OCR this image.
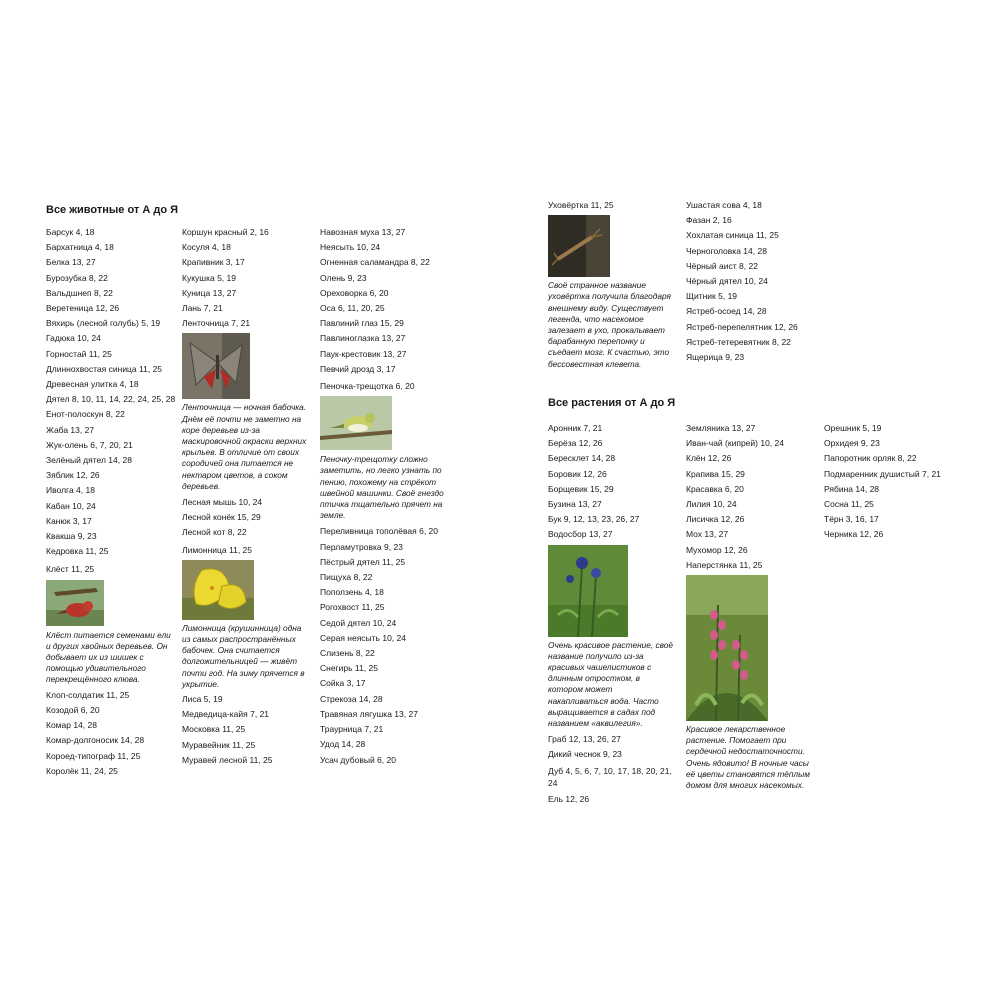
Все животные от А до Я
Барсук 4, 18
Бархатница 4, 18
Белка 13, 27
Бурозубка 8, 22
Вальдшнеп 8, 22
Веретеница 12, 26
Вяхирь (лесной голубь) 5, 19
Гадюка 10, 24
Горностай 11, 25
Длиннохвостая синица 11, 25
Древесная улитка 4, 18
Дятел 8, 10, 11, 14, 22, 24, 25, 28
Енот-полоскун 8, 22
Жаба 13, 27
Жук-олень 6, 7, 20, 21
Зелёный дятел 14, 28
Зяблик 12, 26
Иволга 4, 18
Кабан 10, 24
Канюк 3, 17
Квакша 9, 23
Кедровка 11, 25
Клёст 11, 25
Клёст питается семенами ели и других хвойных деревьев. Он добывает их из шишек с помощью удивительного перекрещённого клюва.
Клоп-солдатик 11, 25
Козодой 6, 20
Комар 14, 28
Комар-долгоносик 14, 28
Короед-типограф 11, 25
Королёк 11, 24, 25
Коршун красный 2, 16
Косуля 4, 18
Крапивник 3, 17
Кукушка 5, 19
Куница 13, 27
Лань 7, 21
Ленточница 7, 21
Ленточница — ночная бабочка. Днём её почти не заметно на коре деревьев из-за маскировочной окраски верхних крыльев. В отличие от своих сородичей она питается не нектаром цветов, а соком деревьев.
Лесная мышь 10, 24
Лесной конёк 15, 29
Лесной кот 8, 22
Лимонница 11, 25
Лимонница (крушинница) одна из самых распространённых бабочек. Она считается долгожительницей — живёт почти год. На зиму прячется в укрытие.
Лиса 5, 19
Медведица-кайя 7, 21
Московка 11, 25
Муравейник 11, 25
Муравей лесной 11, 25
Навозная муха 13, 27
Неясыть 10, 24
Огненная саламандра 8, 22
Олень 9, 23
Ореховорка 6, 20
Оса 6, 11, 20, 25
Павлиний глаз 15, 29
Павлиноглазка 13, 27
Паук-крестовик 13, 27
Певчий дрозд 3, 17
Пеночка-трещотка 6, 20
Пеночку-трещотку сложно заметить, но легко узнать по пению, похожему на стрёкот швейной машинки. Своё гнездо птичка тщательно прячет на земле.
Переливница тополёвая 6, 20
Перламутровка 9, 23
Пёстрый дятел 11, 25
Пищуха 8, 22
Поползень 4, 18
Рогохвост 11, 25
Седой дятел 10, 24
Серая неясыть 10, 24
Слизень 8, 22
Снегирь 11, 25
Сойка 3, 17
Стрекоза 14, 28
Травяная лягушка 13, 27
Траурница 7, 21
Удод 14, 28
Усач дубовый 6, 20
Уховёртка 11, 25
Своё странное название уховёртка получила благодаря внешнему виду. Существует легенда, что насекомое залезает в ухо, прокалывает барабанную перепонку и съедает мозг. К счастью, это бессовестная клевета.
Ушастая сова 4, 18
Фазан 2, 16
Хохлатая синица 11, 25
Черноголовка 14, 28
Чёрный аист 8, 22
Чёрный дятел 10, 24
Щитник 5, 19
Ястреб-осоед 14, 28
Ястреб-перепелятник 12, 26
Ястреб-тетеревятник 8, 22
Ящерица 9, 23
Все растения от А до Я
Аронник 7, 21
Берёза 12, 26
Бересклет 14, 28
Боровик 12, 26
Борщевик 15, 29
Бузина 13, 27
Бук 9, 12, 13, 23, 26, 27
Водосбор 13, 27
Очень красивое растение, своё название получило из-за красивых чашелистиков с длинным отростком, в котором может накапливаться вода. Часто выращивается в садах под названием «аквилегия».
Граб 12, 13, 26, 27
Дикий чеснок 9, 23
Дуб 4, 5, 6, 7, 10, 17, 18, 20, 21, 24
Ель 12, 26
Земляника 13, 27
Иван-чай (кипрей) 10, 24
Клён 12, 26
Крапива 15, 29
Красавка 6, 20
Лилия 10, 24
Лисичка 12, 26
Мох 13, 27
Мухомор 12, 26
Наперстянка 11, 25
Красивое лекарственное растение. Помогает при сердечной недостаточности. Очень ядовито! В ночные часы её цветы становятся тёплым домом для многих насекомых.
Орешник 5, 19
Орхидея 9, 23
Папоротник орляк 8, 22
Подмаренник душистый 7, 21
Рябина 14, 28
Сосна 11, 25
Тёрн 3, 16, 17
Черника 12, 26
